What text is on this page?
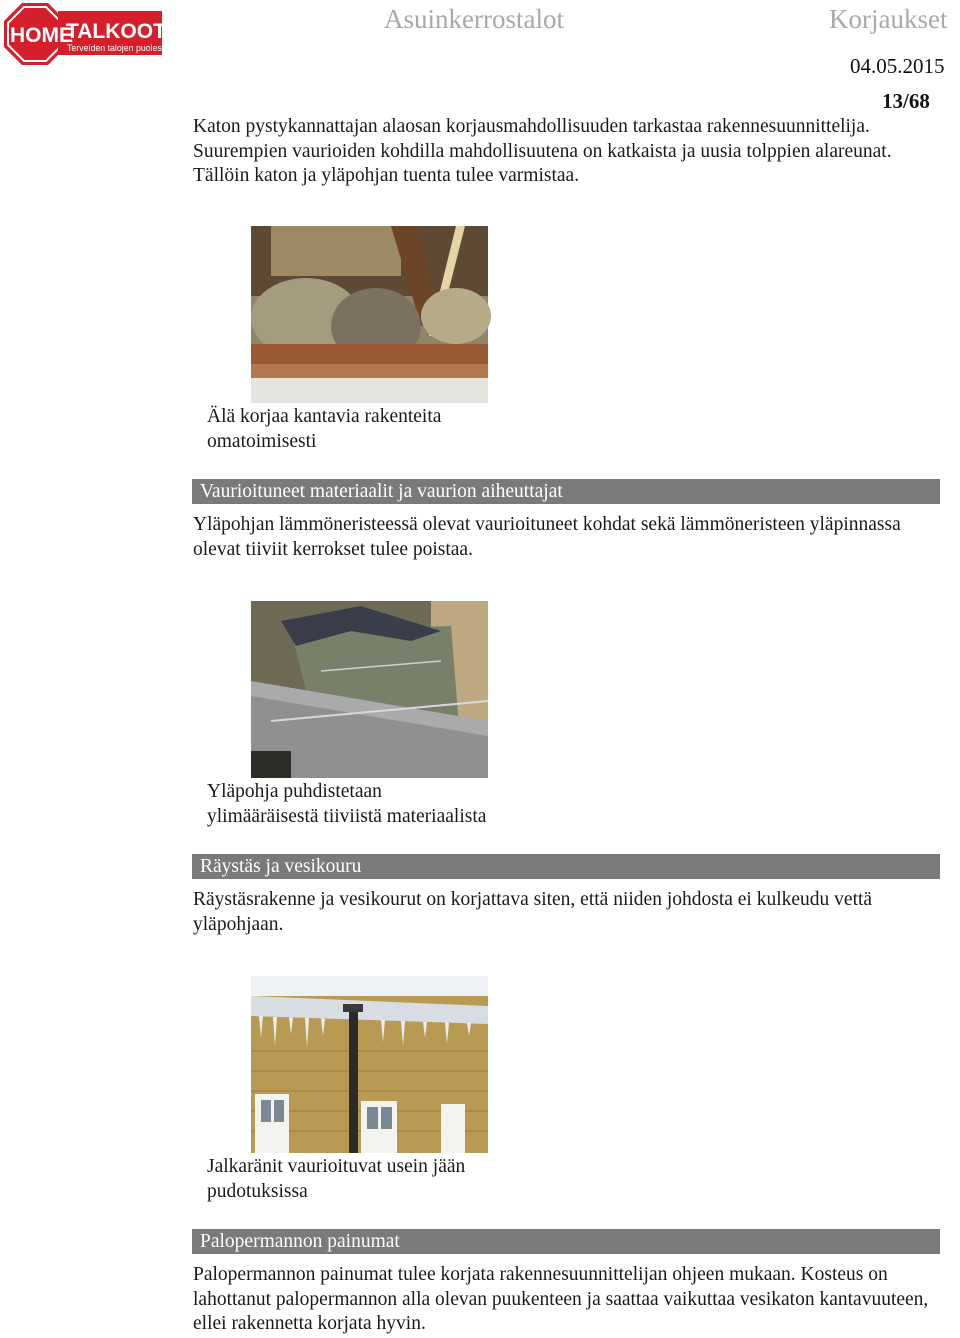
HOME
TALKOOT.FI
Terveiden talojen puolesta
Asuinkerrostalot	Korjaukset
04.05.2015
13/68
Katon pystykannattajan alaosan korjausmahdollisuuden tarkastaa rakennesuunnittelija. Suurempien vaurioiden kohdilla mahdollisuutena on katkaista ja uusia tolppien alareunat. Tällöin katon ja yläpohjan tuenta tulee varmistaa.
Älä korjaa kantavia rakenteita
omatoimisesti
Vaurioituneet materiaalit ja vaurion aiheuttajat
Yläpohjan lämmöneristeessä olevat vaurioituneet kohdat sekä lämmöneristeen yläpinnassa olevat tiiviit kerrokset tulee poistaa.
Yläpohja puhdistetaan
ylimääräisestä tiiviistä materiaalista
Räystäs ja vesikouru
Räystäsrakenne ja vesikourut on korjattava siten, että niiden johdosta ei kulkeudu vettä yläpohjaan.
Jalkaränit vaurioituvat usein jään
pudotuksissa
Palopermannon painumat
Palopermannon painumat tulee korjata rakennesuunnittelijan ohjeen mukaan. Kosteus on lahottanut palopermannon alla olevan puukenteen ja saattaa vaikuttaa vesikaton kantavuuteen, ellei rakennetta korjata hyvin.
